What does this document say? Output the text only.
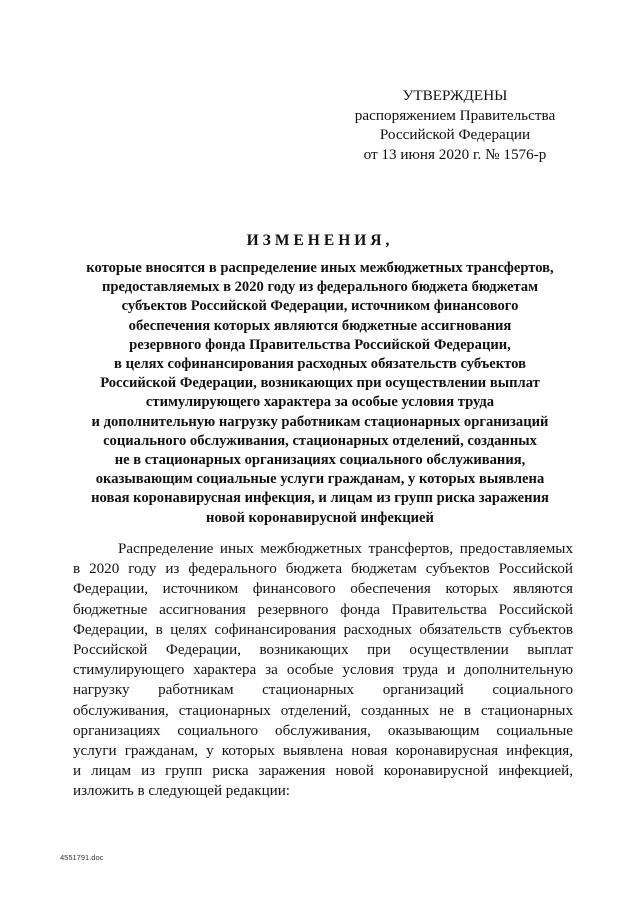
УТВЕРЖДЕНЫ
распоряжением Правительства
Российской Федерации
от 13 июня 2020 г. № 1576-р
ИЗМЕНЕНИЯ,
которые вносятся в распределение иных межбюджетных трансфертов,
предоставляемых в 2020 году из федерального бюджета бюджетам
субъектов Российской Федерации, источником финансового
обеспечения которых являются бюджетные ассигнования
резервного фонда Правительства Российской Федерации,
в целях софинансирования расходных обязательств субъектов
Российской Федерации, возникающих при осуществлении выплат
стимулирующего характера за особые условия труда
и дополнительную нагрузку работникам стационарных организаций
социального обслуживания, стационарных отделений, созданных
не в стационарных организациях социального обслуживания,
оказывающим социальные услуги гражданам, у которых выявлена
новая коронавирусная инфекция, и лицам из групп риска заражения
новой коронавирусной инфекцией
Распределение иных межбюджетных трансфертов, предоставляемых
в 2020 году из федерального бюджета бюджетам субъектов Российской
Федерации, источником финансового обеспечения которых являются
бюджетные ассигнования резервного фонда Правительства Российской
Федерации, в целях софинансирования расходных обязательств субъектов
Российской Федерации, возникающих при осуществлении выплат
стимулирующего характера за особые условия труда и дополнительную
нагрузку работникам стационарных организаций социального
обслуживания, стационарных отделений, созданных не в стационарных
организациях социального обслуживания, оказывающим социальные
услуги гражданам, у которых выявлена новая коронавирусная инфекция,
и лицам из групп риска заражения новой коронавирусной инфекцией,
изложить в следующей редакции:
4551791.doc
